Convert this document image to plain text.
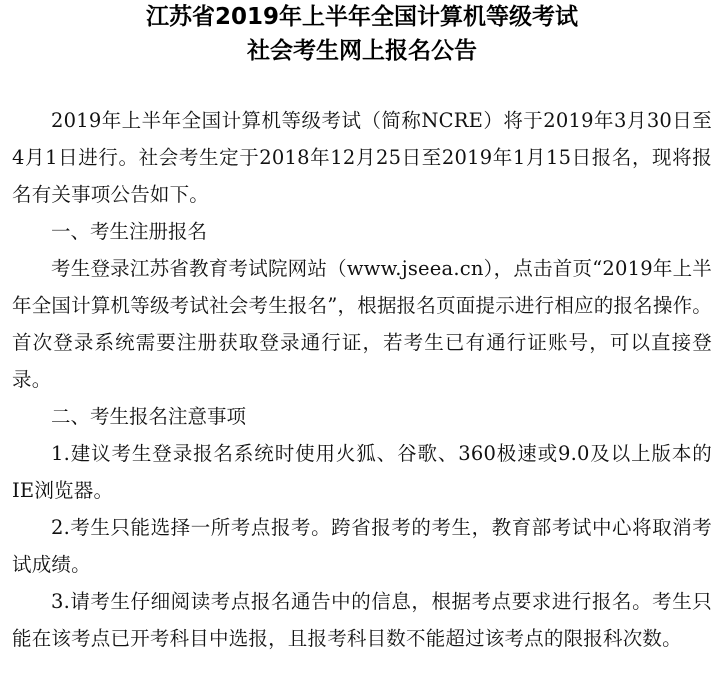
江苏省2019年上半年全国计算机等级考试
社会考生网上报名公告

2019年上半年全国计算机等级考试（简称NCRE）将于2019年3月30日至4月1日进行。社会考生定于2018年12月25日至2019年1月15日报名，现将报名有关事项公告如下。

一、考生注册报名

考生登录江苏省教育考试院网站（www.jseea.cn），点击首页“2019年上半年全国计算机等级考试社会考生报名”，根据报名页面提示进行相应的报名操作。首次登录系统需要注册获取登录通行证，若考生已有通行证账号，可以直接登录。

二、考生报名注意事项

1.建议考生登录报名系统时使用火狐、谷歌、360极速或9.0及以上版本的IE浏览器。

2.考生只能选择一所考点报考。跨省报考的考生，教育部考试中心将取消考试成绩。

3.请考生仔细阅读考点报名通告中的信息，根据考点要求进行报名。考生只能在该考点已开考科目中选报，且报考科目数不能超过该考点的限报科次数。
